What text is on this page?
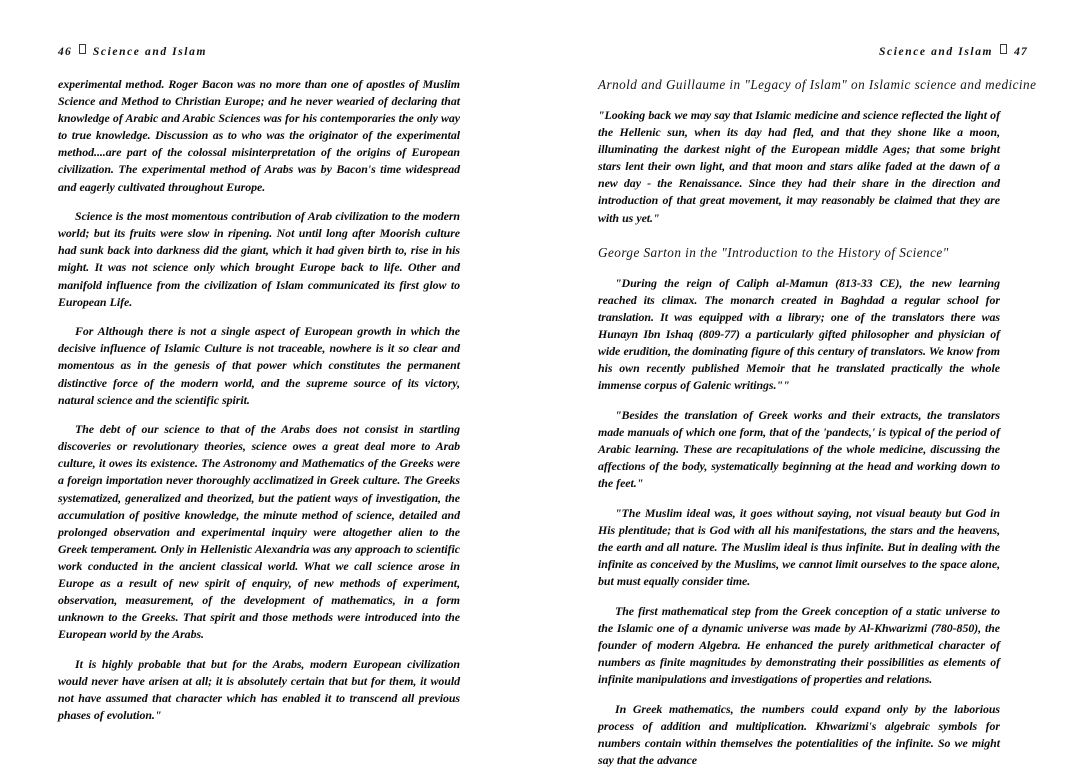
46 Science and Islam	Science and Islam 47

experimental method. Roger Bacon was no more than one of apostles of Muslim Science and Method to Christian Europe; and he never wearied of declaring that knowledge of Arabic and Arabic Sciences was for his contemporaries the only way to true knowledge. Discussion as to who was the originator of the experimental method....are part of the colossal misinterpretation of the origins of European civilization. The experimental method of Arabs was by Bacon's time widespread and eagerly cultivated throughout Europe.

Science is the most momentous contribution of Arab civilization to the modern world; but its fruits were slow in ripening. Not until long after Moorish culture had sunk back into darkness did the giant, which it had given birth to, rise in his might. It was not science only which brought Europe back to life. Other and manifold influence from the civilization of Islam communicated its first glow to European Life.

For Although there is not a single aspect of European growth in which the decisive influence of Islamic Culture is not traceable, nowhere is it so clear and momentous as in the genesis of that power which constitutes the permanent distinctive force of the modern world, and the supreme source of its victory, natural science and the scientific spirit.

The debt of our science to that of the Arabs does not consist in startling discoveries or revolutionary theories, science owes a great deal more to Arab culture, it owes its existence. The Astronomy and Mathematics of the Greeks were a foreign importation never thoroughly acclimatized in Greek culture. The Greeks systematized, generalized and theorized, but the patient ways of investigation, the accumulation of positive knowledge, the minute method of science, detailed and prolonged observation and experimental inquiry were altogether alien to the Greek temperament. Only in Hellenistic Alexandria was any approach to scientific work conducted in the ancient classical world. What we call science arose in Europe as a result of new spirit of enquiry, of new methods of experiment, observation, measurement, of the development of mathematics, in a form unknown to the Greeks. That spirit and those methods were introduced into the European world by the Arabs.

It is highly probable that but for the Arabs, modern European civilization would never have arisen at all; it is absolutely certain that but for them, it would not have assumed that character which has enabled it to transcend all previous phases of evolution."

Arnold and Guillaume in "Legacy of Islam" on Islamic science and medicine

"Looking back we may say that Islamic medicine and science reflected the light of the Hellenic sun, when its day had fled, and that they shone like a moon, illuminating the darkest night of the European middle Ages; that some bright stars lent their own light, and that moon and stars alike faded at the dawn of a new day - the Renaissance. Since they had their share in the direction and introduction of that great movement, it may reasonably be claimed that they are with us yet."

George Sarton in the "Introduction to the History of Science"

"During the reign of Caliph al-Mamun (813-33 CE), the new learning reached its climax. The monarch created in Baghdad a regular school for translation. It was equipped with a library; one of the translators there was Hunayn Ibn Ishaq (809-77) a particularly gifted philosopher and physician of wide erudition, the dominating figure of this century of translators. We know from his own recently published Memoir that he translated practically the whole immense corpus of Galenic writings.""

"Besides the translation of Greek works and their extracts, the translators made manuals of which one form, that of the 'pandects,' is typical of the period of Arabic learning. These are recapitulations of the whole medicine, discussing the affections of the body, systematically beginning at the head and working down to the feet."

"The Muslim ideal was, it goes without saying, not visual beauty but God in His plentitude; that is God with all his manifestations, the stars and the heavens, the earth and all nature. The Muslim ideal is thus infinite. But in dealing with the infinite as conceived by the Muslims, we cannot limit ourselves to the space alone, but must equally consider time.

The first mathematical step from the Greek conception of a static universe to the Islamic one of a dynamic universe was made by Al-Khwarizmi (780-850), the founder of modern Algebra. He enhanced the purely arithmetical character of numbers as finite magnitudes by demonstrating their possibilities as elements of infinite manipulations and investigations of properties and relations.

In Greek mathematics, the numbers could expand only by the laborious process of addition and multiplication. Khwarizmi's algebraic symbols for numbers contain within themselves the potentialities of the infinite. So we might say that the advance
